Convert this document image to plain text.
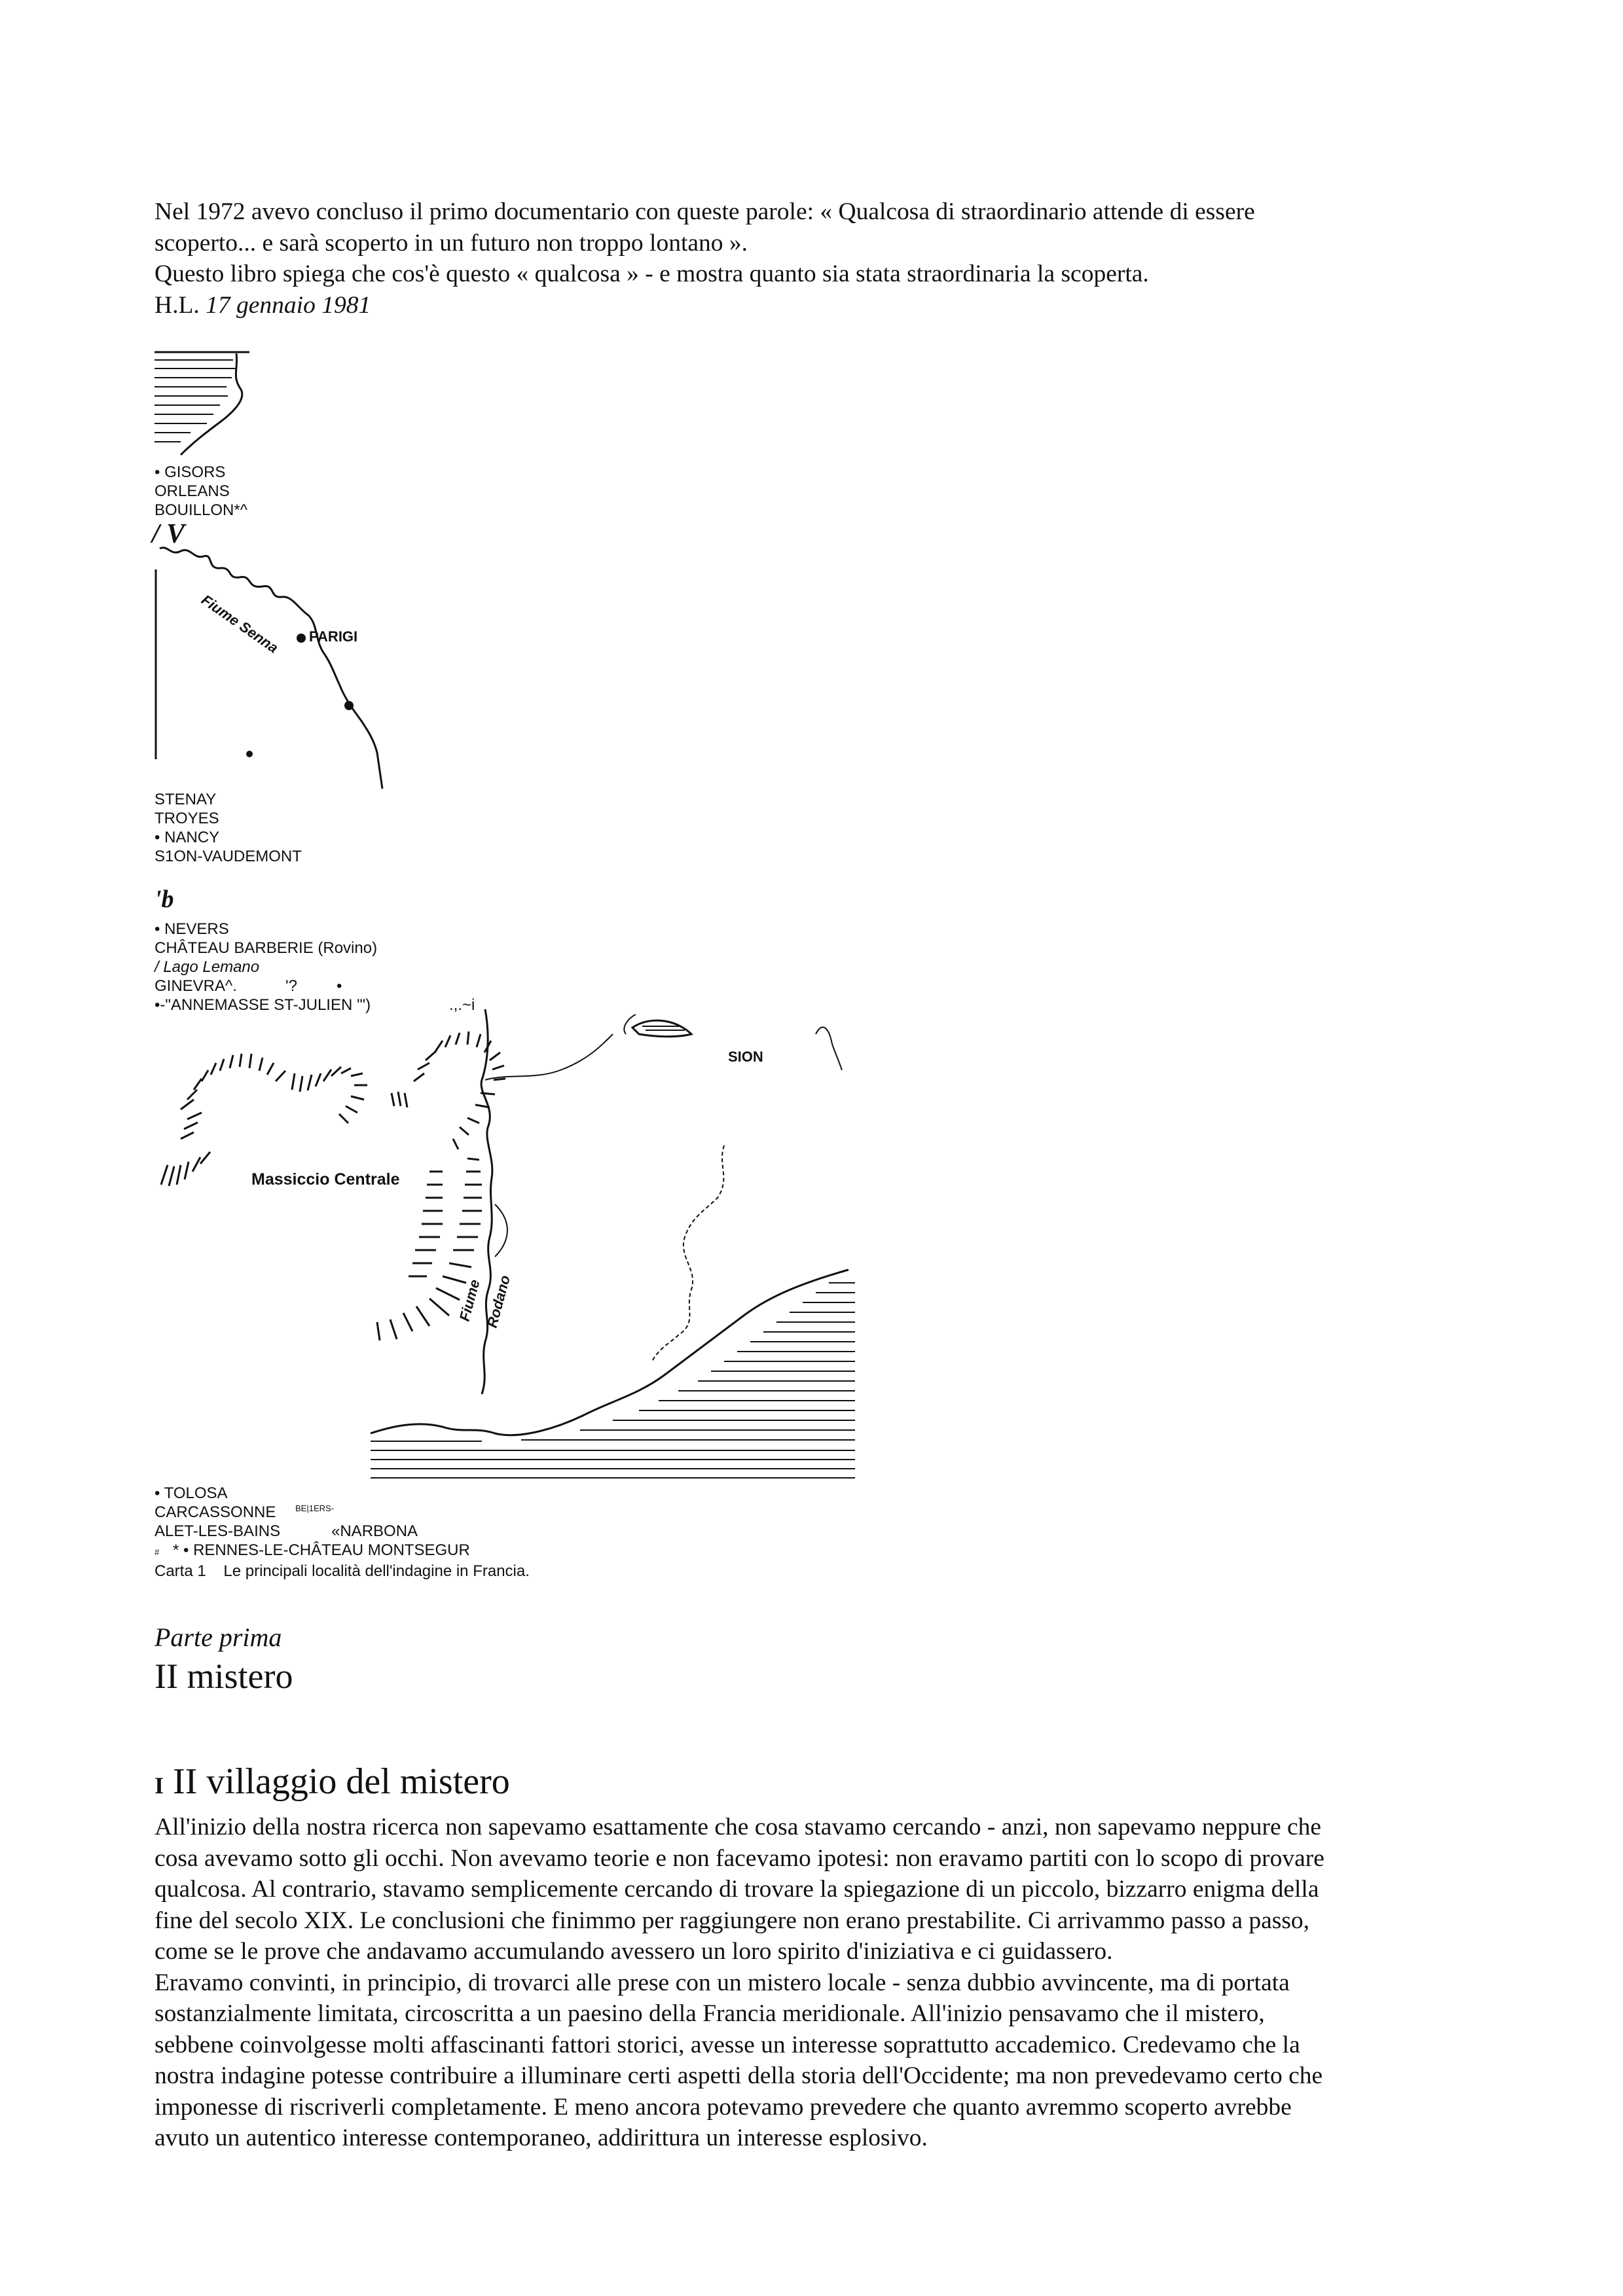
Nel 1972 avevo concluso il primo documentario con queste parole: « Qualcosa di straordinario attende di essere
scoperto... e sarà scoperto in un futuro non troppo lontano ».
Questo libro spiega che cos'è questo « qualcosa » - e mostra quanto sia stata straordinaria la scoperta.
H.L. 17 gennaio 1981
• GISORS
ORLEANS
BOUILLON*^
/ V
PARIGI
Fiume Senna
STENAY
TROYES
• NANCY
S1ON-VAUDEMONT
'b
• NEVERS
CHÂTEAU BARBERIE (Rovino)
/ Lago Lemano
GINEVRA^.	'?	•
•-"ANNEMASSE ST-JULIEN '")	.,.~i
Massiccio Centrale
Fiume Rodano
SION
• TOLOSA
CARCASSONNE BE|1ERS-
ALET-LES-BAINS	«NARBONA
# * • RENNES-LE-CHÂTEAU MONTSEGUR
Carta 1 Le principali località dell'indagine in Francia.
Parte prima
II mistero
I II villaggio del mistero
All'inizio della nostra ricerca non sapevamo esattamente che cosa stavamo cercando - anzi, non sapevamo neppure che
cosa avevamo sotto gli occhi. Non avevamo teorie e non facevamo ipotesi: non eravamo partiti con lo scopo di provare
qualcosa. Al contrario, stavamo semplicemente cercando di trovare la spiegazione di un piccolo, bizzarro enigma della
fine del secolo XIX. Le conclusioni che finimmo per raggiungere non erano prestabilite. Ci arrivammo passo a passo,
come se le prove che andavamo accumulando avessero un loro spirito d'iniziativa e ci guidassero.
Eravamo convinti, in principio, di trovarci alle prese con un mistero locale - senza dubbio avvincente, ma di portata
sostanzialmente limitata, circoscritta a un paesino della Francia meridionale. All'inizio pensavamo che il mistero,
sebbene coinvolgesse molti affascinanti fattori storici, avesse un interesse soprattutto accademico. Credevamo che la
nostra indagine potesse contribuire a illuminare certi aspetti della storia dell'Occidente; ma non prevedevamo certo che
imponesse di riscriverli completamente. E meno ancora potevamo prevedere che quanto avremmo scoperto avrebbe
avuto un autentico interesse contemporaneo, addirittura un interesse esplosivo.
